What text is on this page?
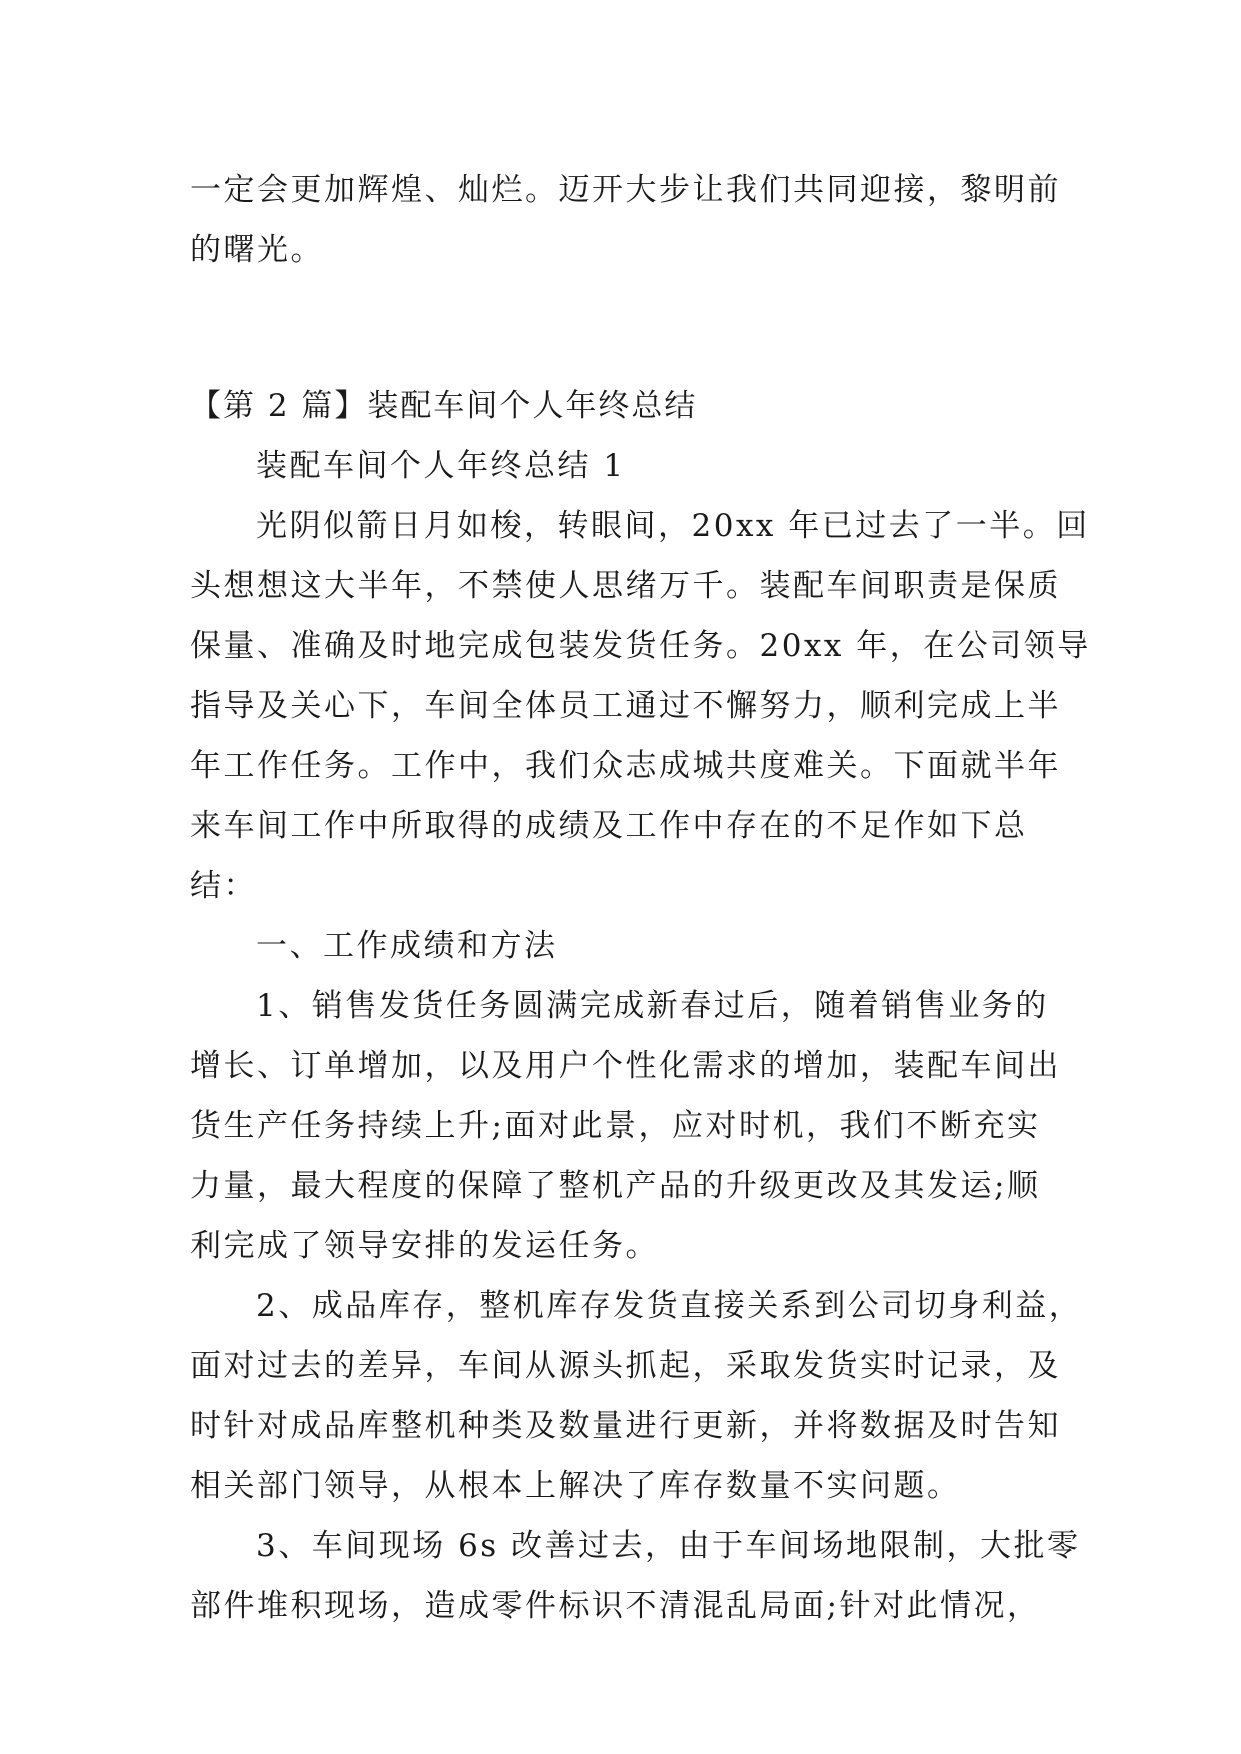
一定会更加辉煌、灿烂。迈开大步让我们共同迎接，黎明前
的曙光。
【第 2 篇】装配车间个人年终总结
装配车间个人年终总结 1
光阴似箭日月如梭，转眼间，20xx 年已过去了一半。回
头想想这大半年，不禁使人思绪万千。装配车间职责是保质
保量、准确及时地完成包装发货任务。20xx 年，在公司领导
指导及关心下，车间全体员工通过不懈努力，顺利完成上半
年工作任务。工作中，我们众志成城共度难关。下面就半年
来车间工作中所取得的成绩及工作中存在的不足作如下总
结：
一、工作成绩和方法
1、销售发货任务圆满完成新春过后，随着销售业务的
增长、订单增加，以及用户个性化需求的增加，装配车间出
货生产任务持续上升;面对此景，应对时机，我们不断充实
力量，最大程度的保障了整机产品的升级更改及其发运;顺
利完成了领导安排的发运任务。
2、成品库存，整机库存发货直接关系到公司切身利益，
面对过去的差异，车间从源头抓起，采取发货实时记录，及
时针对成品库整机种类及数量进行更新，并将数据及时告知
相关部门领导，从根本上解决了库存数量不实问题。
3、车间现场 6s 改善过去，由于车间场地限制，大批零
部件堆积现场，造成零件标识不清混乱局面;针对此情况，
